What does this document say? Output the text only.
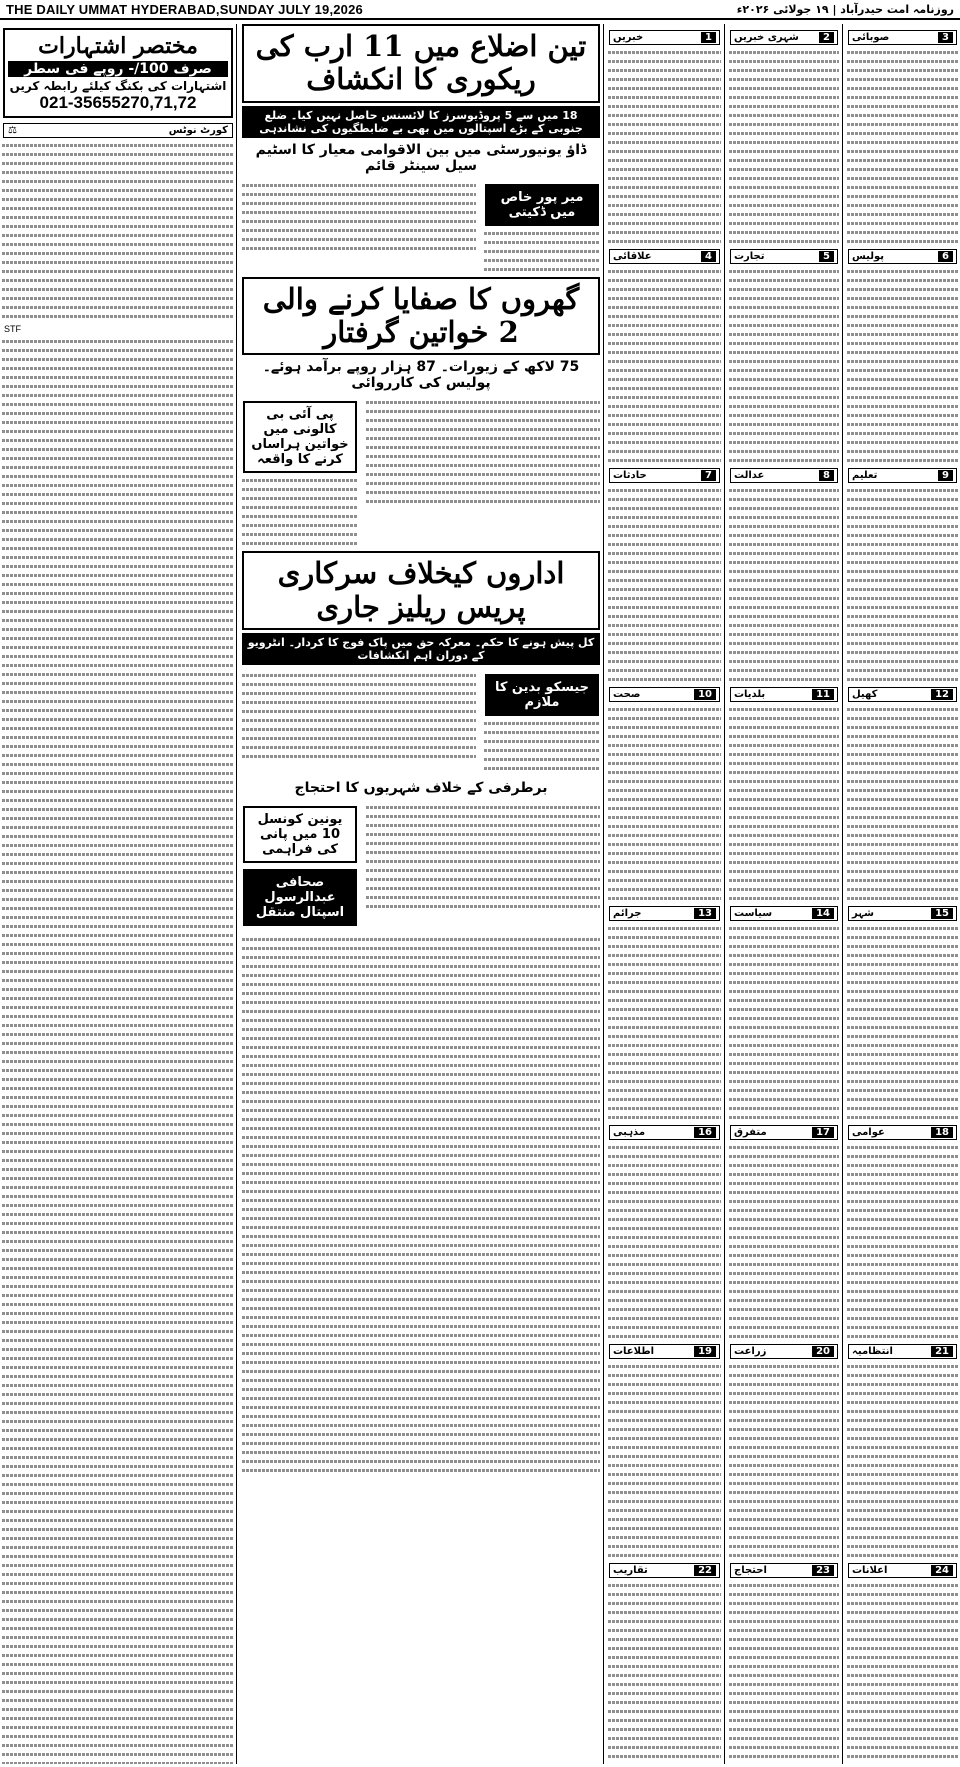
THE DAILY UMMAT HYDERABAD,SUNDAY JULY 19,2026	روزنامہ امت حیدرآباد | ۱۹ جولائی ۲۰۲۶ء
مختصر اشتہارات
صرف 100/- روپے فی سطر
اشتہارات کی بکنگ کیلئے رابطہ کریں
021-35655270,71,72
کورٹ نوٹس
⚖
STF
تین اضلاع میں 11 ارب کی ریکوری کا انکشاف
18 میں سے 5 پروڈیوسرز کا لائسنس حاصل نہیں کیا۔ ضلع جنوبی کے بڑے اسپتالوں میں بھی بے ضابطگیوں کی نشاندہی
ڈاؤ یونیورسٹی میں بین الاقوامی معیار کا اسٹیم سیل سینٹر قائم
میر پور خاص میں ڈکیتی
گھروں کا صفایا کرنے والی 2 خواتین گرفتار
75 لاکھ کے زیورات۔ 87 ہزار روپے برآمد ہوئے۔ پولیس کی کارروائی
پی آئی بی کالونی میں خواتین ہراساں کرنے کا واقعہ
اداروں کیخلاف سرکاری پریس ریلیز جاری
کل پیش ہونے کا حکم۔ معرکہ حق میں پاک فوج کا کردار۔ انٹرویو کے دوران اہم انکشافات
جیسکو بدین کا ملازم
برطرفی کے خلاف شہریوں کا احتجاج
یونین کونسل 10 میں پانی کی فراہمی
صحافی عبدالرسول اسپتال منتقل
1
خبریں
4
علاقائی
7
حادثات
10
صحت
13
جرائم
16
مذہبی
19
اطلاعات
22
تقاریب
2
شہری خبریں
5
تجارت
8
عدالت
11
بلدیات
14
سیاست
17
متفرق
20
زراعت
23
احتجاج
3
صوبائی
6
پولیس
9
تعلیم
12
کھیل
15
شہر
18
عوامی
21
انتظامیہ
24
اعلانات
